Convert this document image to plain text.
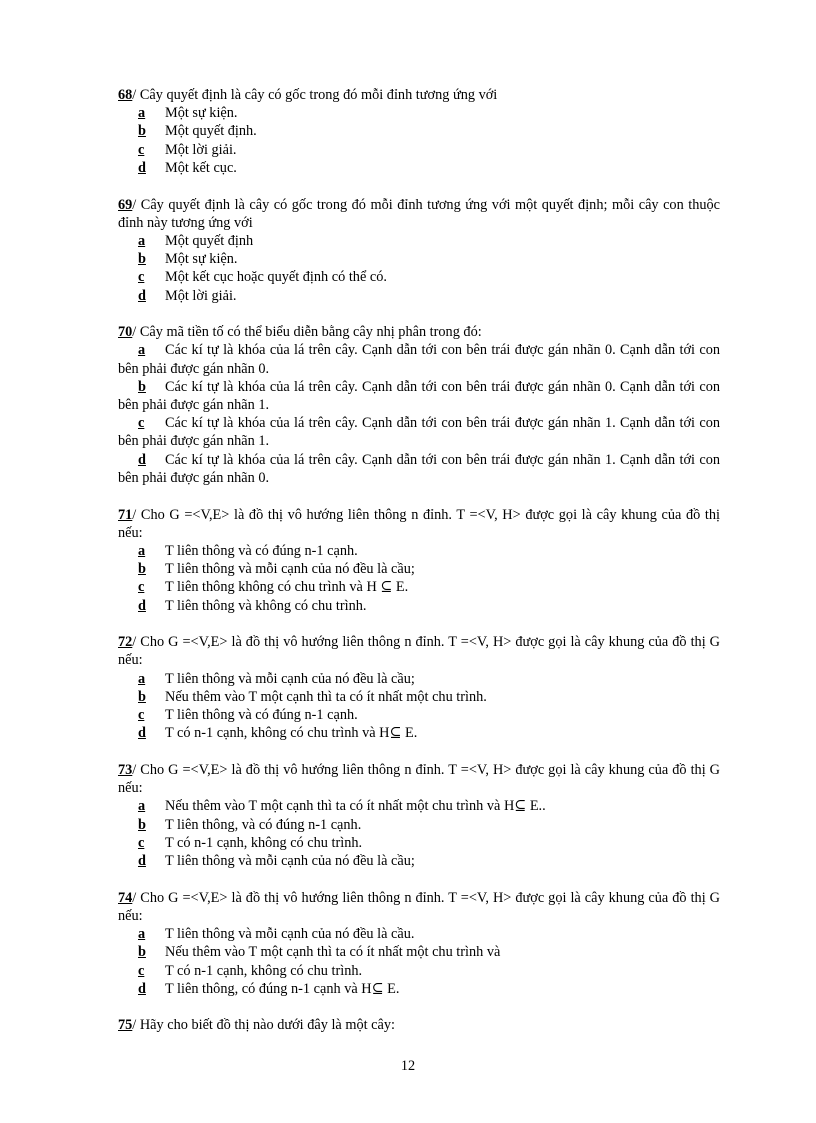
68/ Cây quyết định là cây có gốc trong đó mỗi đỉnh tương ứng với
a	Một sự kiện.
b	Một quyết định.
c	Một lời giải.
d	Một kết cục.
69/ Cây quyết định là cây có gốc trong đó mỗi đỉnh tương ứng với một quyết định; mỗi cây con thuộc đỉnh này tương ứng với
a	Một quyết định
b	Một sự kiện.
c	Một kết cục hoặc quyết định có thể có.
d	Một lời giải.
70/ Cây mã tiền tố có thể biểu diễn bằng cây nhị phân trong đó:
a Các kí tự là khóa của lá trên cây. Cạnh dẫn tới con bên trái được gán nhãn 0. Cạnh dẫn tới con bên phải được gán nhãn 0.
b Các kí tự là khóa của lá trên cây. Cạnh dẫn tới con bên trái được gán nhãn 0. Cạnh dẫn tới con bên phải được gán nhãn 1.
c Các kí tự là khóa của lá trên cây. Cạnh dẫn tới con bên trái được gán nhãn 1. Cạnh dẫn tới con bên phải được gán nhãn 1.
d Các kí tự là khóa của lá trên cây. Cạnh dẫn tới con bên trái được gán nhãn 1. Cạnh dẫn tới con bên phải được gán nhãn 0.
71/ Cho G =<V,E> là đồ thị vô hướng liên thông n đỉnh. T =<V, H> được gọi là cây khung của đồ thị nếu:
a	T liên thông và có đúng n-1 cạnh.
b	T liên thông và mỗi cạnh của nó đều là cầu;
c	T liên thông không có chu trình và H ⊆ E.
d	T liên thông và không có chu trình.
72/ Cho G =<V,E> là đồ thị vô hướng liên thông n đỉnh. T =<V, H> được gọi là cây khung của đồ thị G nếu:
a	T liên thông và mỗi cạnh của nó đều là cầu;
b	Nếu thêm vào T một cạnh thì ta có ít nhất một chu trình.
c	T liên thông và có đúng n-1 cạnh.
d	T có n-1 cạnh, không có chu trình và H⊆ E.
73/ Cho G =<V,E> là đồ thị vô hướng liên thông n đỉnh. T =<V, H> được gọi là cây khung của đồ thị G nếu:
a	Nếu thêm vào T một cạnh thì ta có ít nhất một chu trình và H⊆ E..
b	T liên thông, và có đúng n-1 cạnh.
c	T có n-1 cạnh, không có chu trình.
d	T liên thông và mỗi cạnh của nó đều là cầu;
74/ Cho G =<V,E> là đồ thị vô hướng liên thông n đỉnh. T =<V, H> được gọi là cây khung của đồ thị G nếu:
a	T liên thông và mỗi cạnh của nó đều là cầu.
b	Nếu thêm vào T một cạnh thì ta có ít nhất một chu trình và
c	T có n-1 cạnh, không có chu trình.
d	T liên thông, có đúng n-1 cạnh và H⊆ E.
75/ Hãy cho biết đồ thị nào dưới đây là một cây:
12
